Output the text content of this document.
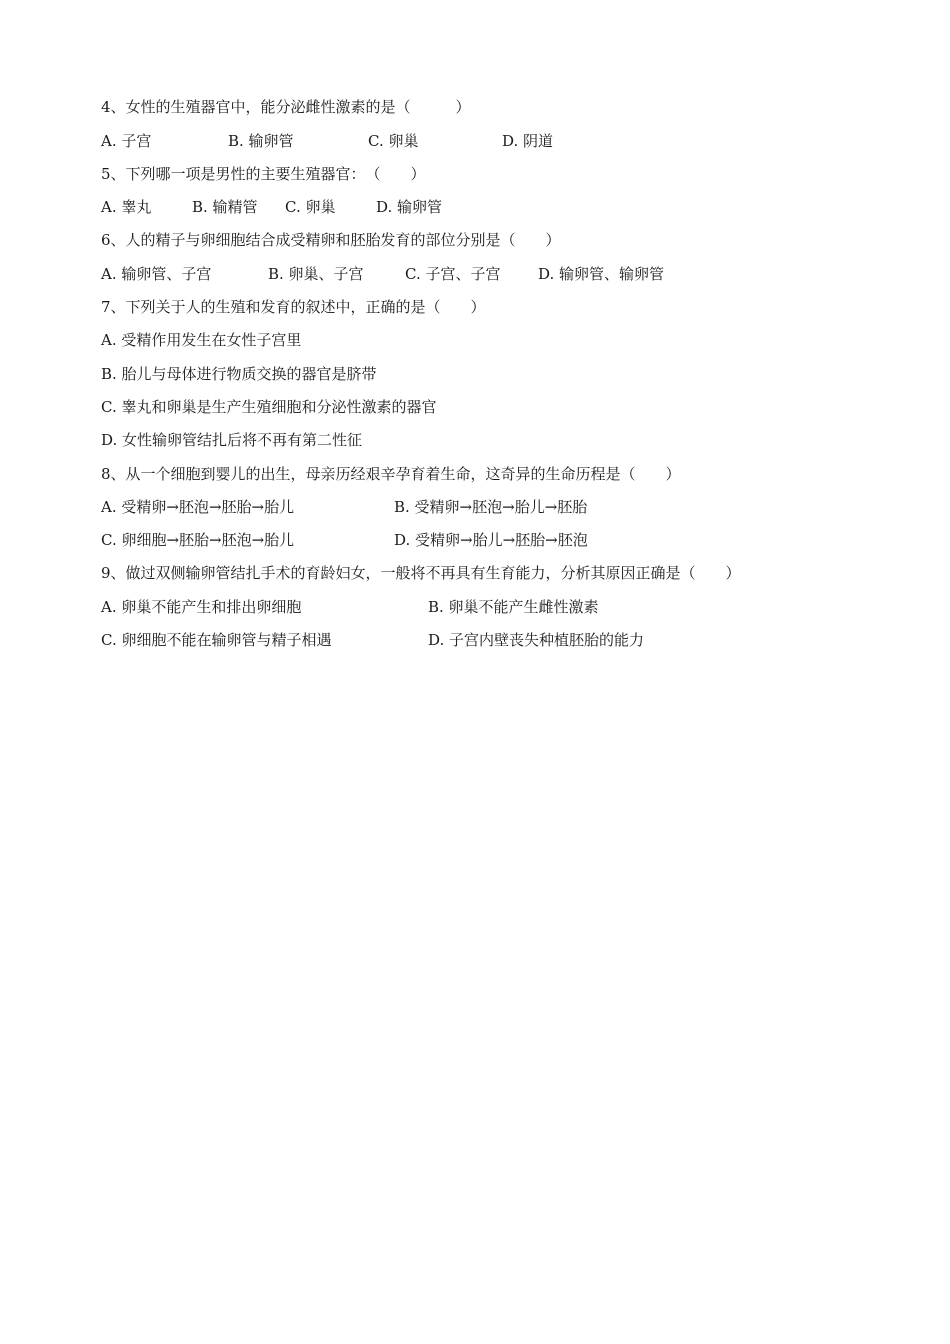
4、女性的生殖器官中，能分泌雌性激素的是（　　　）
A. 子宫	B. 输卵管	C. 卵巢	D. 阴道
5、下列哪一项是男性的主要生殖器官：　（　　）
A. 睾丸	B. 输精管 C. 卵巢	D. 输卵管
6、人的精子与卵细胞结合成受精卵和胚胎发育的部位分别是（　　）
A. 输卵管、子宫	B. 卵巢、子宫	C. 子宫、子宫	D. 输卵管、输卵管
7、下列关于人的生殖和发育的叙述中，正确的是（　　）
A. 受精作用发生在女性子宫里
B. 胎儿与母体进行物质交换的器官是脐带
C. 睾丸和卵巢是生产生殖细胞和分泌性激素的器官
D. 女性输卵管结扎后将不再有第二性征
8、从一个细胞到婴儿的出生，母亲历经艰辛孕育着生命，这奇异的生命历程是（　　）
A. 受精卵→胚泡→胚胎→胎儿	B. 受精卵→胚泡→胎儿→胚胎
C. 卵细胞→胚胎→胚泡→胎儿	D. 受精卵→胎儿→胚胎→胚泡
9、做过双侧输卵管结扎手术的育龄妇女，一般将不再具有生育能力，分析其原因正确是（　　）
A. 卵巢不能产生和排出卵细胞	B. 卵巢不能产生雌性激素
C. 卵细胞不能在输卵管与精子相遇	D. 子宫内壁丧失种植胚胎的能力
